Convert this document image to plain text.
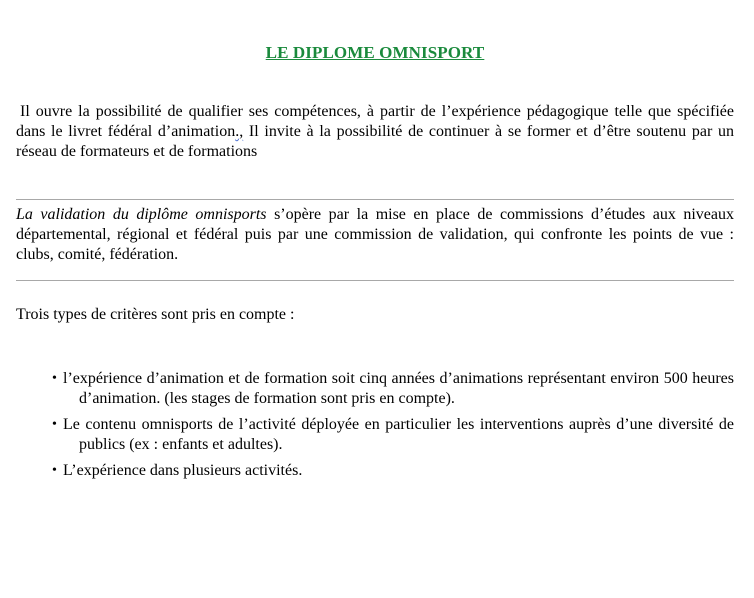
LE DIPLOME OMNISPORT

Il ouvre la possibilité de qualifier ses compétences, à partir de l’expérience pédagogique telle que spécifiée dans le livret fédéral d’animation., Il invite à la possibilité de continuer à se former et d’être soutenu par un réseau de formateurs et de formations

La validation du diplôme omnisports s’opère par la mise en place de commissions d’études aux niveaux départemental, régional et fédéral puis par une commission de validation, qui confronte les points de vue : clubs, comité, fédération.

Trois types de critères sont pris en compte :

• l’expérience d’animation et de formation soit cinq années d’animations représentant environ 500 heures d’animation. (les stages de formation sont pris en compte).
• Le contenu omnisports de l’activité déployée en particulier les interventions auprès d’une diversité de publics (ex : enfants et adultes).
• L’expérience dans plusieurs activités.
